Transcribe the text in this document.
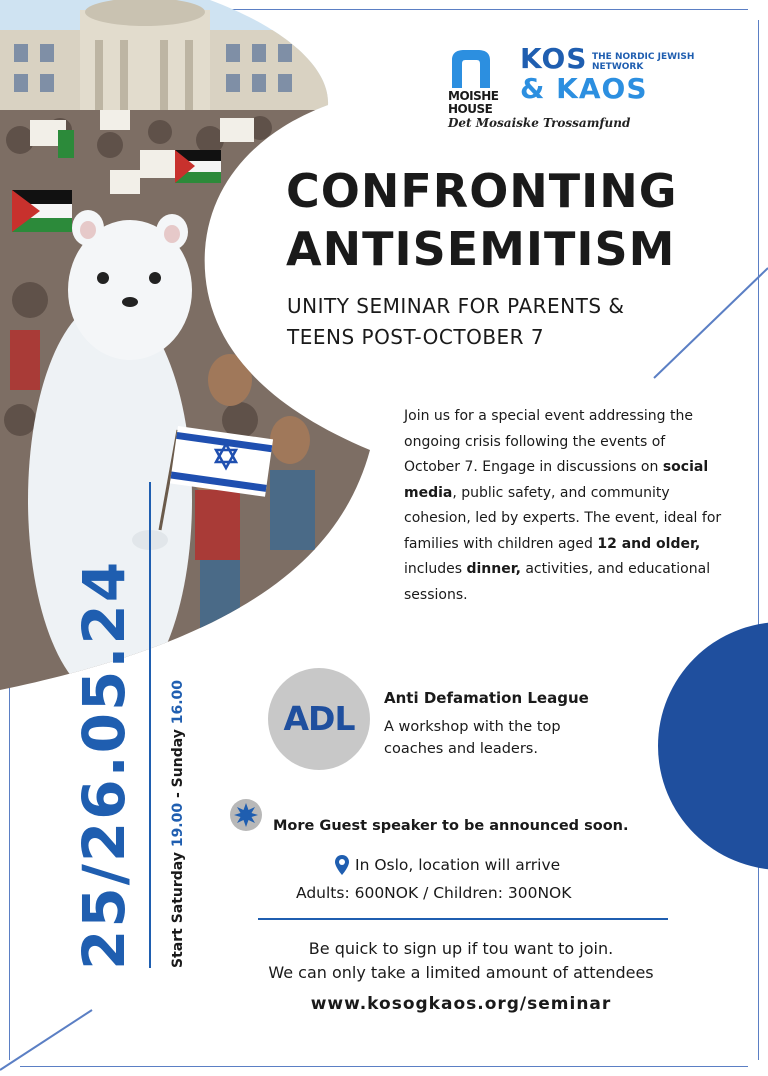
MOISHE HOUSE
KOS
& KAOS
THE NORDIC JEWISH NETWORK
Det Mosaiske Trossamfund
CONFRONTING
ANTISEMITISM
UNITY SEMINAR FOR PARENTS &
TEENS POST-OCTOBER 7
Join us for a special event addressing the ongoing crisis following the events of October 7. Engage in discussions on social media, public safety, and community cohesion, led by experts. The event, ideal for families with children aged 12 and older, includes dinner, activities, and educational sessions.
25/26.05.24 Start Saturday 19.00 - Sunday 16.00	ADL
Anti Defamation League
A workshop with the top coaches and leaders.
More Guest speaker to be announced soon.
In Oslo, location will arrive
Adults: 600NOK / Children: 300NOK
Be quick to sign up if tou want to join.
We can only take a limited amount of attendees
www.kosogkaos.org/seminar
